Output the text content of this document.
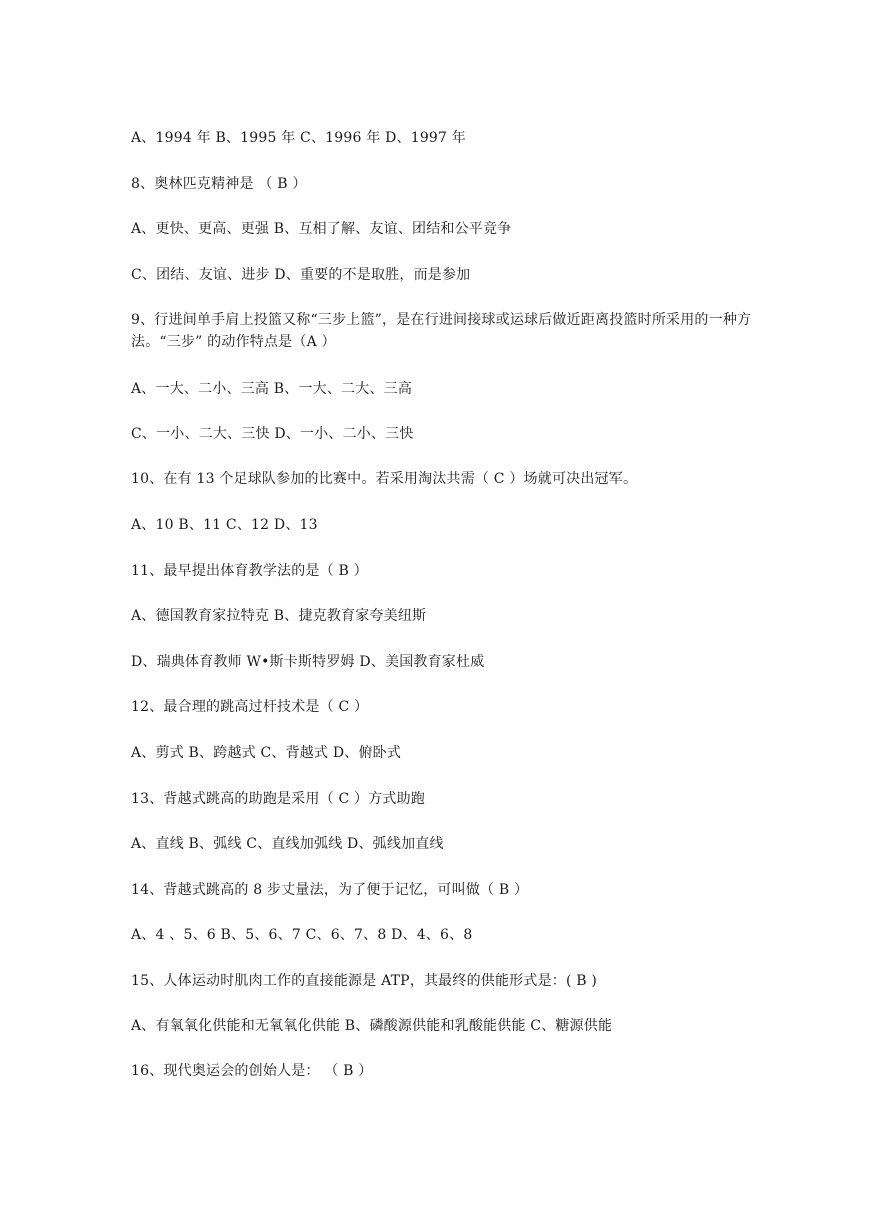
A、1994 年 B、1995 年 C、1996 年 D、1997 年
8、奥林匹克精神是 （ B ）
A、更快、更高、更强 B、互相了解、友谊、团结和公平竞争
C、团结、友谊、进步 D、重要的不是取胜，而是参加
9、行进间单手肩上投篮又称“三步上篮”，是在行进间接球或运球后做近距离投篮时所采用的一种方法。“三步” 的动作特点是（A ）
A、一大、二小、三高 B、一大、二大、三高
C、一小、二大、三快 D、一小、二小、三快
10、在有 13 个足球队参加的比赛中。若采用淘汰共需（ C ）场就可决出冠军。
A、10 B、11 C、12 D、13
11、最早提出体育教学法的是（ B ）
A、德国教育家拉特克 B、捷克教育家夸美纽斯
D、瑞典体育教师 W•斯卡斯特罗姆 D、美国教育家杜威
12、最合理的跳高过杆技术是（ C ）
A、剪式 B、跨越式 C、背越式 D、俯卧式
13、背越式跳高的助跑是采用（ C ）方式助跑
A、直线 B、弧线 C、直线加弧线 D、弧线加直线
14、背越式跳高的 8 步丈量法，为了便于记忆，可叫做（ B ）
A、4 、5、6 B、5、6、7 C、6、7、8 D、4、6、8
15、人体运动时肌肉工作的直接能源是 ATP，其最终的供能形式是：( B )
A、有氧氧化供能和无氧氧化供能 B、磷酸源供能和乳酸能供能 C、糖源供能
16、现代奥运会的创始人是： （ B ）
